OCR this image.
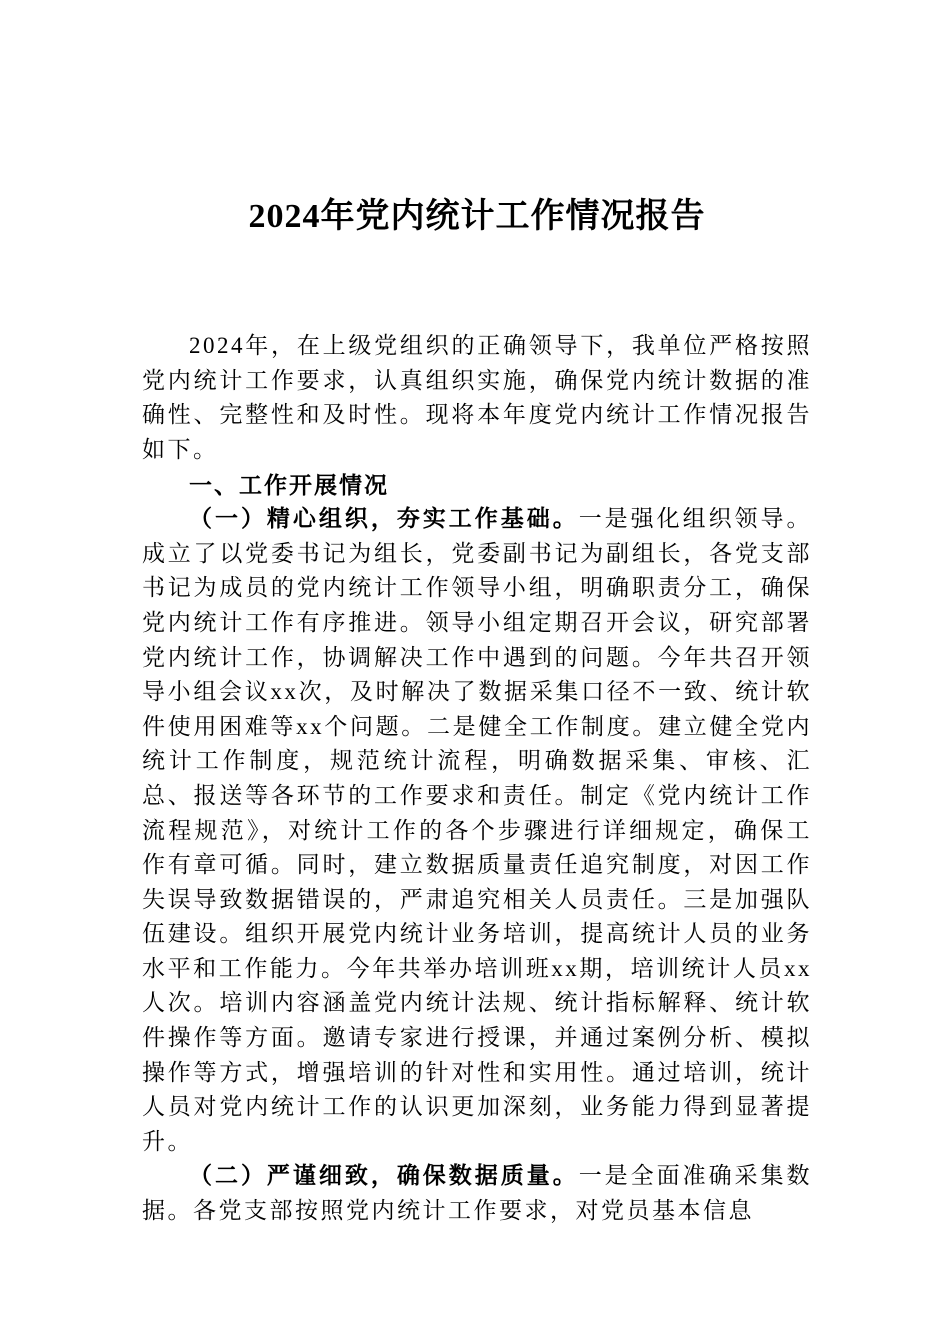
2024年党内统计工作情况报告

2024年，在上级党组织的正确领导下，我单位严格按照党内统计工作要求，认真组织实施，确保党内统计数据的准确性、完整性和及时性。现将本年度党内统计工作情况报告如下。

一、工作开展情况

（一）精心组织，夯实工作基础。一是强化组织领导。成立了以党委书记为组长，党委副书记为副组长，各党支部书记为成员的党内统计工作领导小组，明确职责分工，确保党内统计工作有序推进。领导小组定期召开会议，研究部署党内统计工作，协调解决工作中遇到的问题。今年共召开领导小组会议xx次，及时解决了数据采集口径不一致、统计软件使用困难等xx个问题。二是健全工作制度。建立健全党内统计工作制度，规范统计流程，明确数据采集、审核、汇总、报送等各环节的工作要求和责任。制定《党内统计工作流程规范》，对统计工作的各个步骤进行详细规定，确保工作有章可循。同时，建立数据质量责任追究制度，对因工作失误导致数据错误的，严肃追究相关人员责任。三是加强队伍建设。组织开展党内统计业务培训，提高统计人员的业务水平和工作能力。今年共举办培训班xx期，培训统计人员xx人次。培训内容涵盖党内统计法规、统计指标解释、统计软件操作等方面。邀请专家进行授课，并通过案例分析、模拟操作等方式，增强培训的针对性和实用性。通过培训，统计人员对党内统计工作的认识更加深刻，业务能力得到显著提升。

（二）严谨细致，确保数据质量。一是全面准确采集数据。各党支部按照党内统计工作要求，对党员基本信息
